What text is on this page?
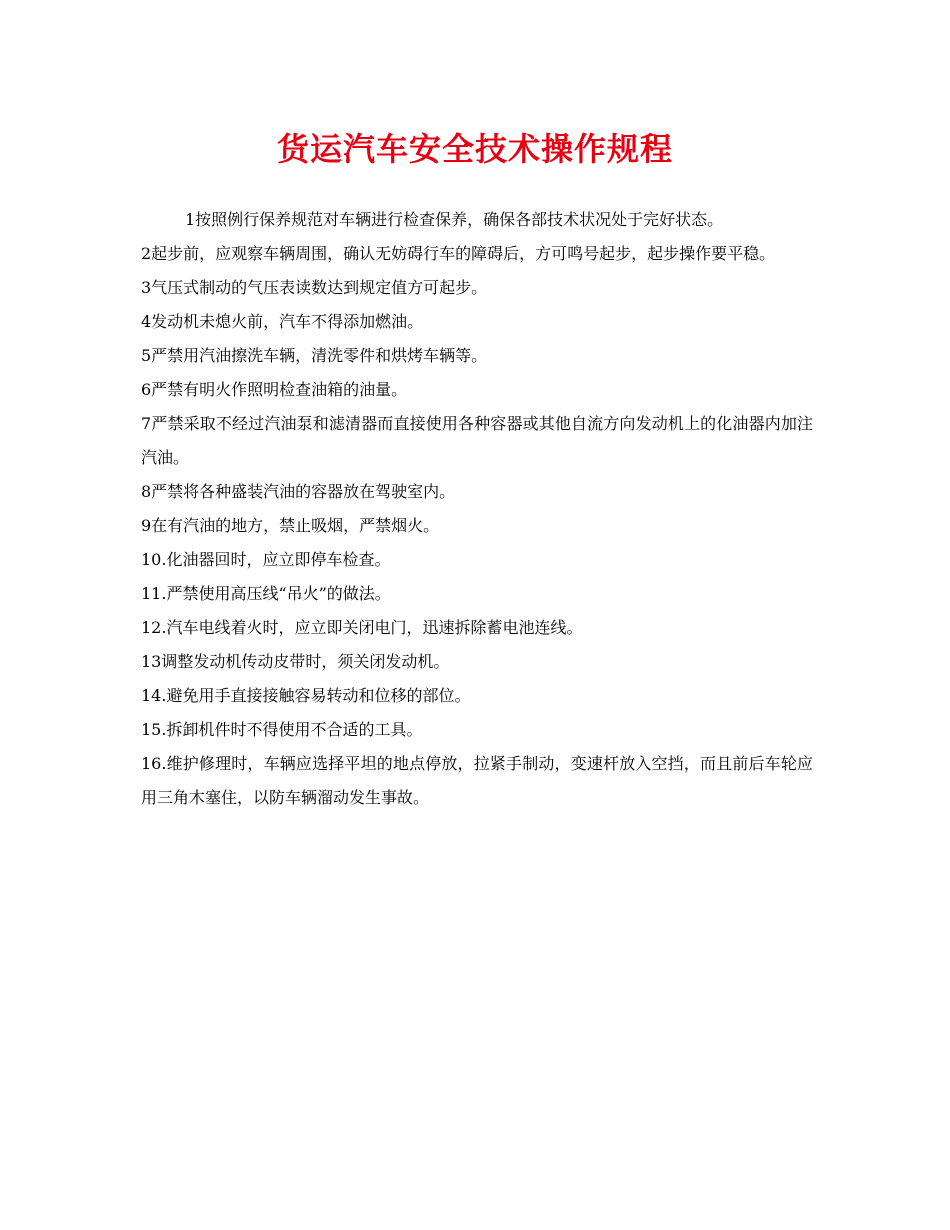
货运汽车安全技术操作规程

1按照例行保养规范对车辆进行检查保养，确保各部技术状况处于完好状态。

2起步前，应观察车辆周围，确认无妨碍行车的障碍后，方可鸣号起步，起步操作要平稳。

3气压式制动的气压表读数达到规定值方可起步。

4发动机未熄火前，汽车不得添加燃油。

5严禁用汽油擦洗车辆，清洗零件和烘烤车辆等。

6严禁有明火作照明检查油箱的油量。

7严禁采取不经过汽油泵和滤清器而直接使用各种容器或其他自流方向发动机上的化油器内加注汽油。

8严禁将各种盛装汽油的容器放在驾驶室内。

9在有汽油的地方，禁止吸烟，严禁烟火。

10.化油器回时，应立即停车检查。

11.严禁使用高压线“吊火”的做法。

12.汽车电线着火时，应立即关闭电门，迅速拆除蓄电池连线。

13调整发动机传动皮带时，须关闭发动机。

14.避免用手直接接触容易转动和位移的部位。

15.拆卸机件时不得使用不合适的工具。

16.维护修理时，车辆应选择平坦的地点停放，拉紧手制动，变速杆放入空挡，而且前后车轮应用三角木塞住，以防车辆溜动发生事故。
